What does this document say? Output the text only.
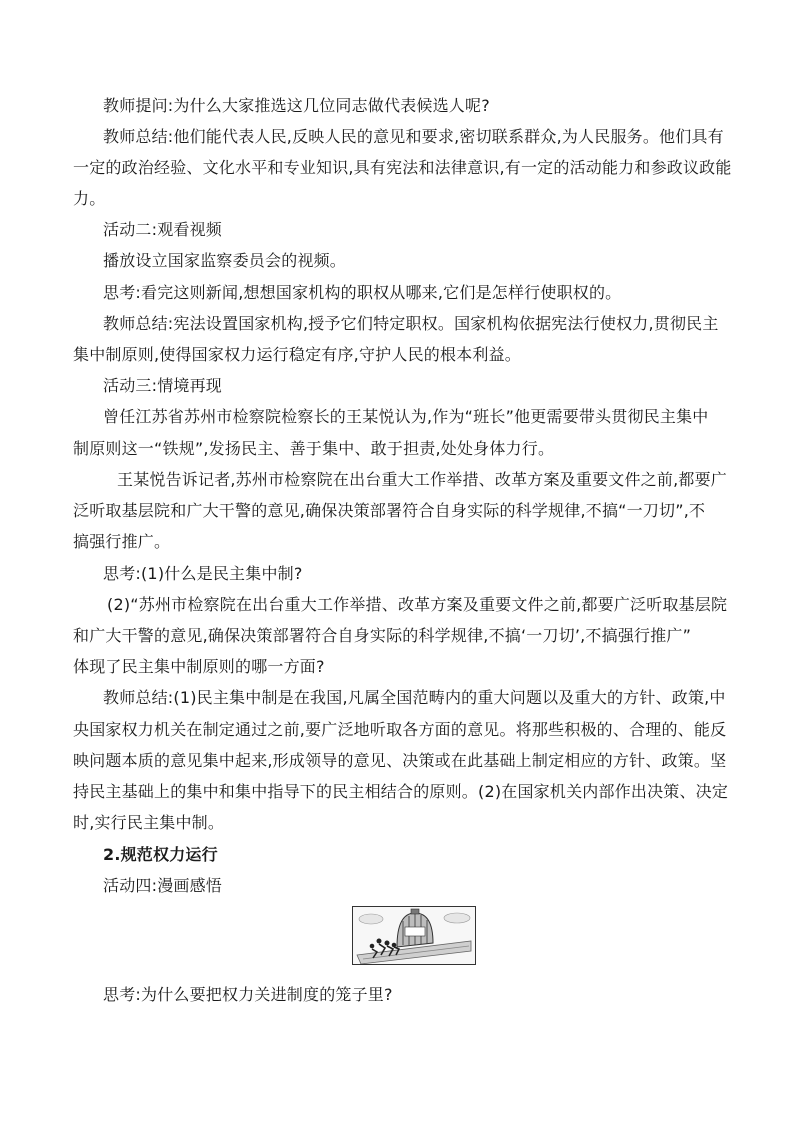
教师提问:为什么大家推选这几位同志做代表候选人呢?
教师总结:他们能代表人民,反映人民的意见和要求,密切联系群众,为人民服务。他们具有
一定的政治经验、文化水平和专业知识,具有宪法和法律意识,有一定的活动能力和参政议政能
力。
活动二:观看视频
播放设立国家监察委员会的视频。
思考:看完这则新闻,想想国家机构的职权从哪来,它们是怎样行使职权的。
教师总结:宪法设置国家机构,授予它们特定职权。国家机构依据宪法行使权力,贯彻民主
集中制原则,使得国家权力运行稳定有序,守护人民的根本利益。
活动三:情境再现
曾任江苏省苏州市检察院检察长的王某悦认为,作为“班长”他更需要带头贯彻民主集中
制原则这一“铁规”,发扬民主、善于集中、敢于担责,处处身体力行。
王某悦告诉记者,苏州市检察院在出台重大工作举措、改革方案及重要文件之前,都要广
泛听取基层院和广大干警的意见,确保决策部署符合自身实际的科学规律,不搞“一刀切”,不
搞强行推广。
思考:(1)什么是民主集中制?
(2)“苏州市检察院在出台重大工作举措、改革方案及重要文件之前,都要广泛听取基层院
和广大干警的意见,确保决策部署符合自身实际的科学规律,不搞‘一刀切’,不搞强行推广”
体现了民主集中制原则的哪一方面?
教师总结:(1)民主集中制是在我国,凡属全国范畴内的重大问题以及重大的方针、政策,中
央国家权力机关在制定通过之前,要广泛地听取各方面的意见。将那些积极的、合理的、能反
映问题本质的意见集中起来,形成领导的意见、决策或在此基础上制定相应的方针、政策。坚
持民主基础上的集中和集中指导下的民主相结合的原则。(2)在国家机关内部作出决策、决定
时,实行民主集中制。
2.规范权力运行
活动四:漫画感悟
思考:为什么要把权力关进制度的笼子里?
